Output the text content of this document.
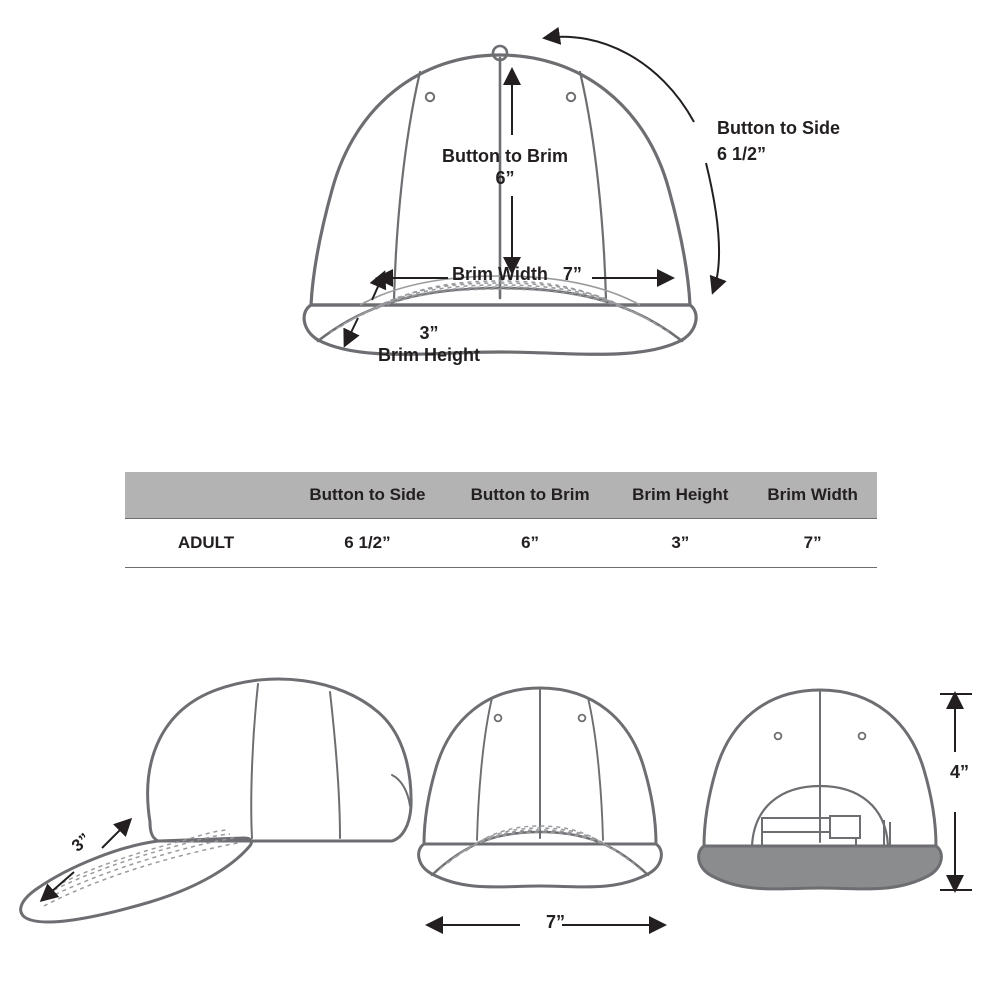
Button to Brim
6”
Button to Side
6 1/2”
Brim Width 7”
3”
Brim Height
	Button to Side	Button to Brim	Brim Height	Brim Width
ADULT	6 1/2”	6”	3”	7”
3”
7”
4”
